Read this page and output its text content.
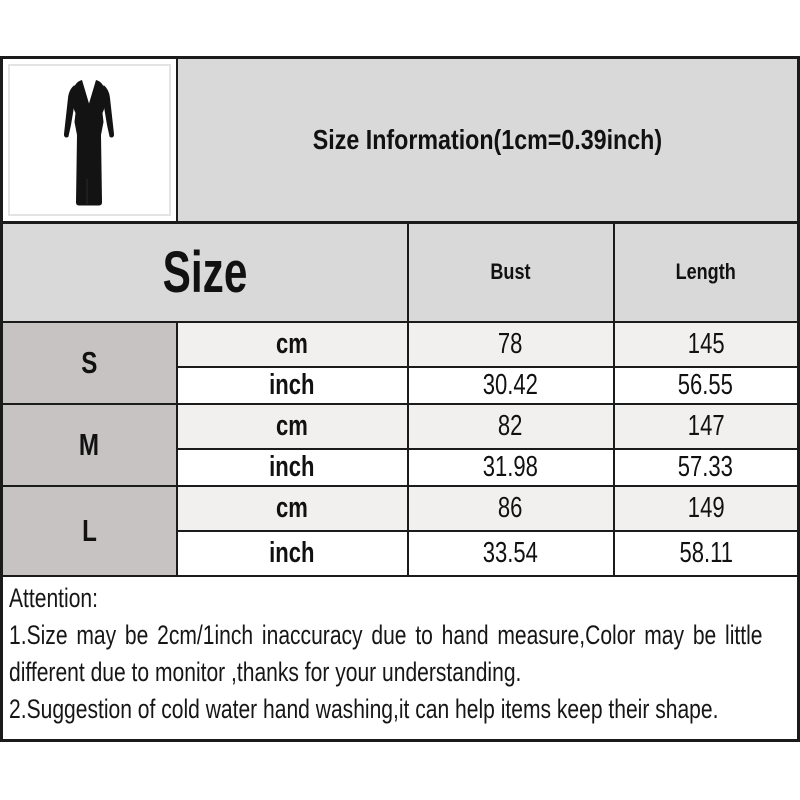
	Size Information(1cm=0.39inch)		
Size		Bust	Length
S	cm	78	145
	inch	30.42	56.55
M	cm	82	147
	inch	31.98	57.33
L	cm	86	149
	inch	33.54	58.11

Attention:
1.Size may be 2cm/1inch inaccuracy due to hand measure,Color may be little
different due to monitor ,thanks for your understanding.
2.Suggestion of cold water hand washing,it can help items keep their shape.			
